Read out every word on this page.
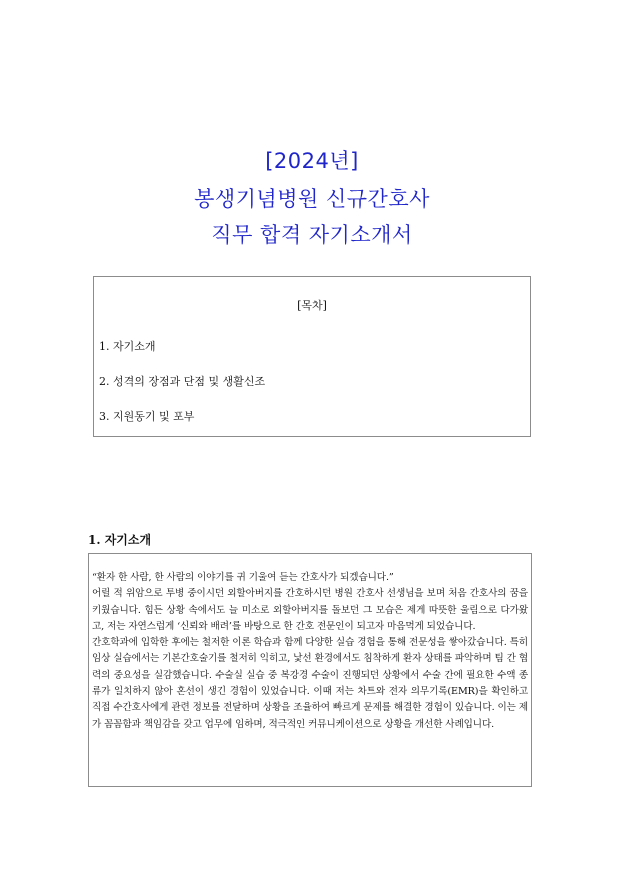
[2024년]
봉생기념병원 신규간호사
직무 합격 자기소개서
[목차]
1. 자기소개
2. 성격의 장점과 단점 및 생활신조
3. 지원동기 및 포부
1. 자기소개

“환자 한 사람, 한 사람의 이야기를 귀 기울여 듣는 간호사가 되겠습니다.”

어릴 적 위암으로 투병 중이시던 외할아버지를 간호하시던 병원 간호사 선생님을 보며 처음 간호사의 꿈을 키웠습니다. 힘든 상황 속에서도 늘 미소로 외할아버지를 돌보던 그 모습은 제게 따뜻한 울림으로 다가왔고, 저는 자연스럽게 ‘신뢰와 배려’를 바탕으로 한 간호 전문인이 되고자 마음먹게 되었습니다.

간호학과에 입학한 후에는 철저한 이론 학습과 함께 다양한 실습 경험을 통해 전문성을 쌓아갔습니다. 특히 임상 실습에서는 기본간호술기를 철저히 익히고, 낯선 환경에서도 침착하게 환자 상태를 파악하며 팀 간 협력의 중요성을 실감했습니다. 수술실 실습 중 복강경 수술이 진행되던 상황에서 수술 간에 필요한 수액 종류가 일치하지 않아 혼선이 생긴 경험이 있었습니다. 이때 저는 차트와 전자 의무기록(EMR)을 확인하고 직접 수간호사에게 관련 정보를 전달하며 상황을 조율하여 빠르게 문제를 해결한 경험이 있습니다. 이는 제가 꼼꼼함과 책임감을 갖고 업무에 임하며, 적극적인 커뮤니케이션으로 상황을 개선한 사례입니다.
